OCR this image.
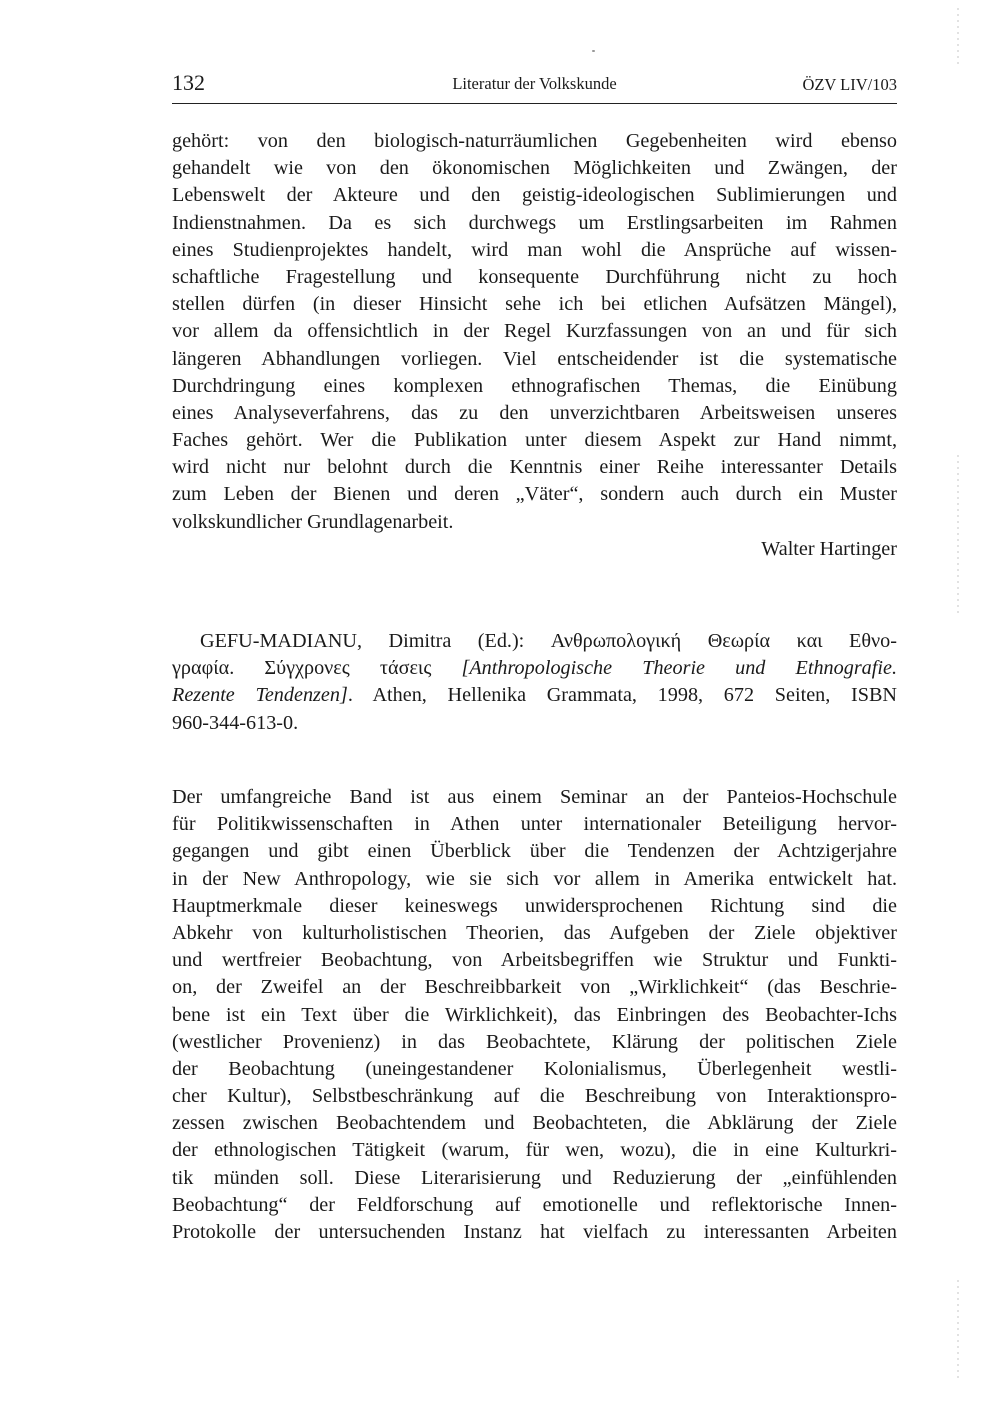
132	Literatur der Volkskunde	ÖZV LIV/103
gehört: von den biologisch-naturräumlichen Gegebenheiten wird ebenso
gehandelt wie von den ökonomischen Möglichkeiten und Zwängen, der
Lebenswelt der Akteure und den geistig-ideologischen Sublimierungen und
Indienstnahmen. Da es sich durchwegs um Erstlingsarbeiten im Rahmen
eines Studienprojektes handelt, wird man wohl die Ansprüche auf wissen-
schaftliche Fragestellung und konsequente Durchführung nicht zu hoch
stellen dürfen (in dieser Hinsicht sehe ich bei etlichen Aufsätzen Mängel),
vor allem da offensichtlich in der Regel Kurzfassungen von an und für sich
längeren Abhandlungen vorliegen. Viel entscheidender ist die systematische
Durchdringung eines komplexen ethnografischen Themas, die Einübung
eines Analyseverfahrens, das zu den unverzichtbaren Arbeitsweisen unseres
Faches gehört. Wer die Publikation unter diesem Aspekt zur Hand nimmt,
wird nicht nur belohnt durch die Kenntnis einer Reihe interessanter Details
zum Leben der Bienen und deren „Väter“, sondern auch durch ein Muster
volkskundlicher Grundlagenarbeit.
Walter Hartinger
GEFU-MADIANU, Dimitra (Ed.): Ανθρωπολογική Θεωρία και Εθνο-
γραφία. Σύγχρονες τάσεις [Anthropologische Theorie und Ethnografie.
Rezente Tendenzen]. Athen, Hellenika Grammata, 1998, 672 Seiten, ISBN
960-344-613-0.
Der umfangreiche Band ist aus einem Seminar an der Panteios-Hochschule
für Politikwissenschaften in Athen unter internationaler Beteiligung hervor-
gegangen und gibt einen Überblick über die Tendenzen der Achtzigerjahre
in der New Anthropology, wie sie sich vor allem in Amerika entwickelt hat.
Hauptmerkmale dieser keineswegs unwidersprochenen Richtung sind die
Abkehr von kulturholistischen Theorien, das Aufgeben der Ziele objektiver
und wertfreier Beobachtung, von Arbeitsbegriffen wie Struktur und Funkti-
on, der Zweifel an der Beschreibbarkeit von „Wirklichkeit“ (das Beschrie-
bene ist ein Text über die Wirklichkeit), das Einbringen des Beobachter-Ichs
(westlicher Provenienz) in das Beobachtete, Klärung der politischen Ziele
der Beobachtung (uneingestandener Kolonialismus, Überlegenheit westli-
cher Kultur), Selbstbeschränkung auf die Beschreibung von Interaktionspro-
zessen zwischen Beobachtendem und Beobachteten, die Abklärung der Ziele
der ethnologischen Tätigkeit (warum, für wen, wozu), die in eine Kulturkri-
tik münden soll. Diese Literarisierung und Reduzierung der „einfühlenden
Beobachtung“ der Feldforschung auf emotionelle und reflektorische Innen-
Protokolle der untersuchenden Instanz hat vielfach zu interessanten Arbeiten
